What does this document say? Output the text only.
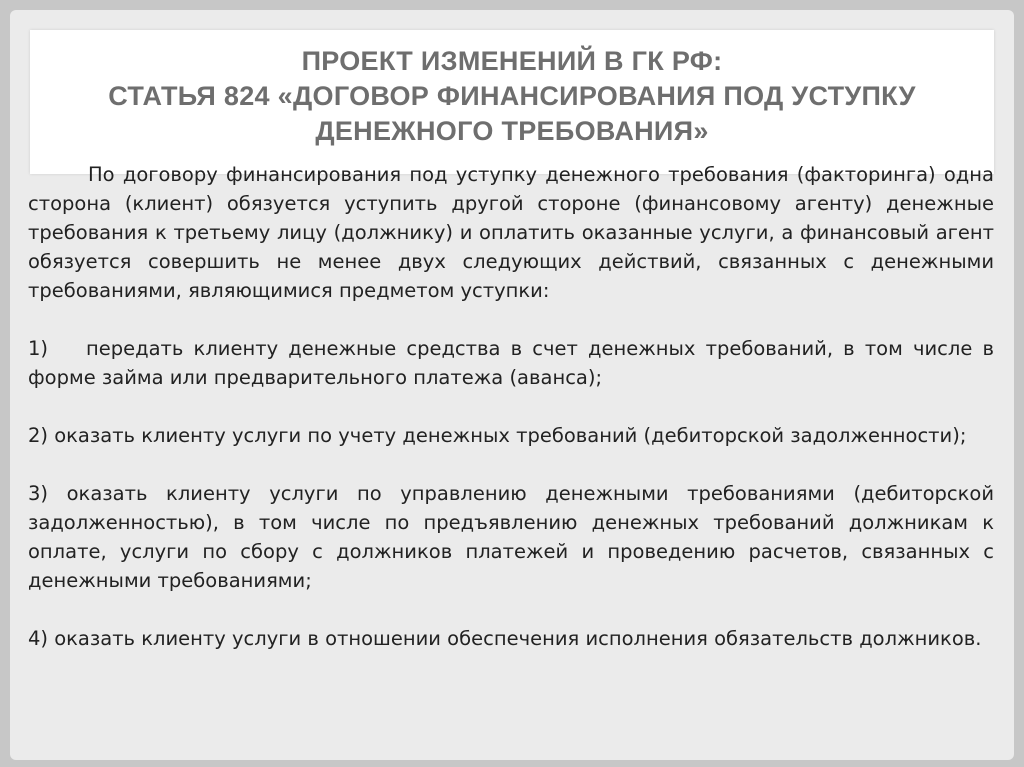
ПРОЕКТ ИЗМЕНЕНИЙ В ГК РФ:
СТАТЬЯ 824 «ДОГОВОР ФИНАНСИРОВАНИЯ ПОД УСТУПКУ
ДЕНЕЖНОГО ТРЕБОВАНИЯ»

По договору финансирования под уступку денежного требования (факторинга) одна сторона (клиент) обязуется уступить другой стороне (финансовому агенту) денежные требования к третьему лицу (должнику) и оплатить оказанные услуги, а финансовый агент обязуется совершить не менее двух следующих действий, связанных с денежными требованиями, являющимися предметом уступки:

1) передать клиенту денежные средства в счет денежных требований, в том числе в форме займа или предварительного платежа (аванса);

2) оказать клиенту услуги по учету денежных требований (дебиторской задолженности);

3) оказать клиенту услуги по управлению денежными требованиями (дебиторской задолженностью), в том числе по предъявлению денежных требований должникам к оплате, услуги по сбору с должников платежей и проведению расчетов, связанных с денежными требованиями;

4) оказать клиенту услуги в отношении обеспечения исполнения обязательств должников.
